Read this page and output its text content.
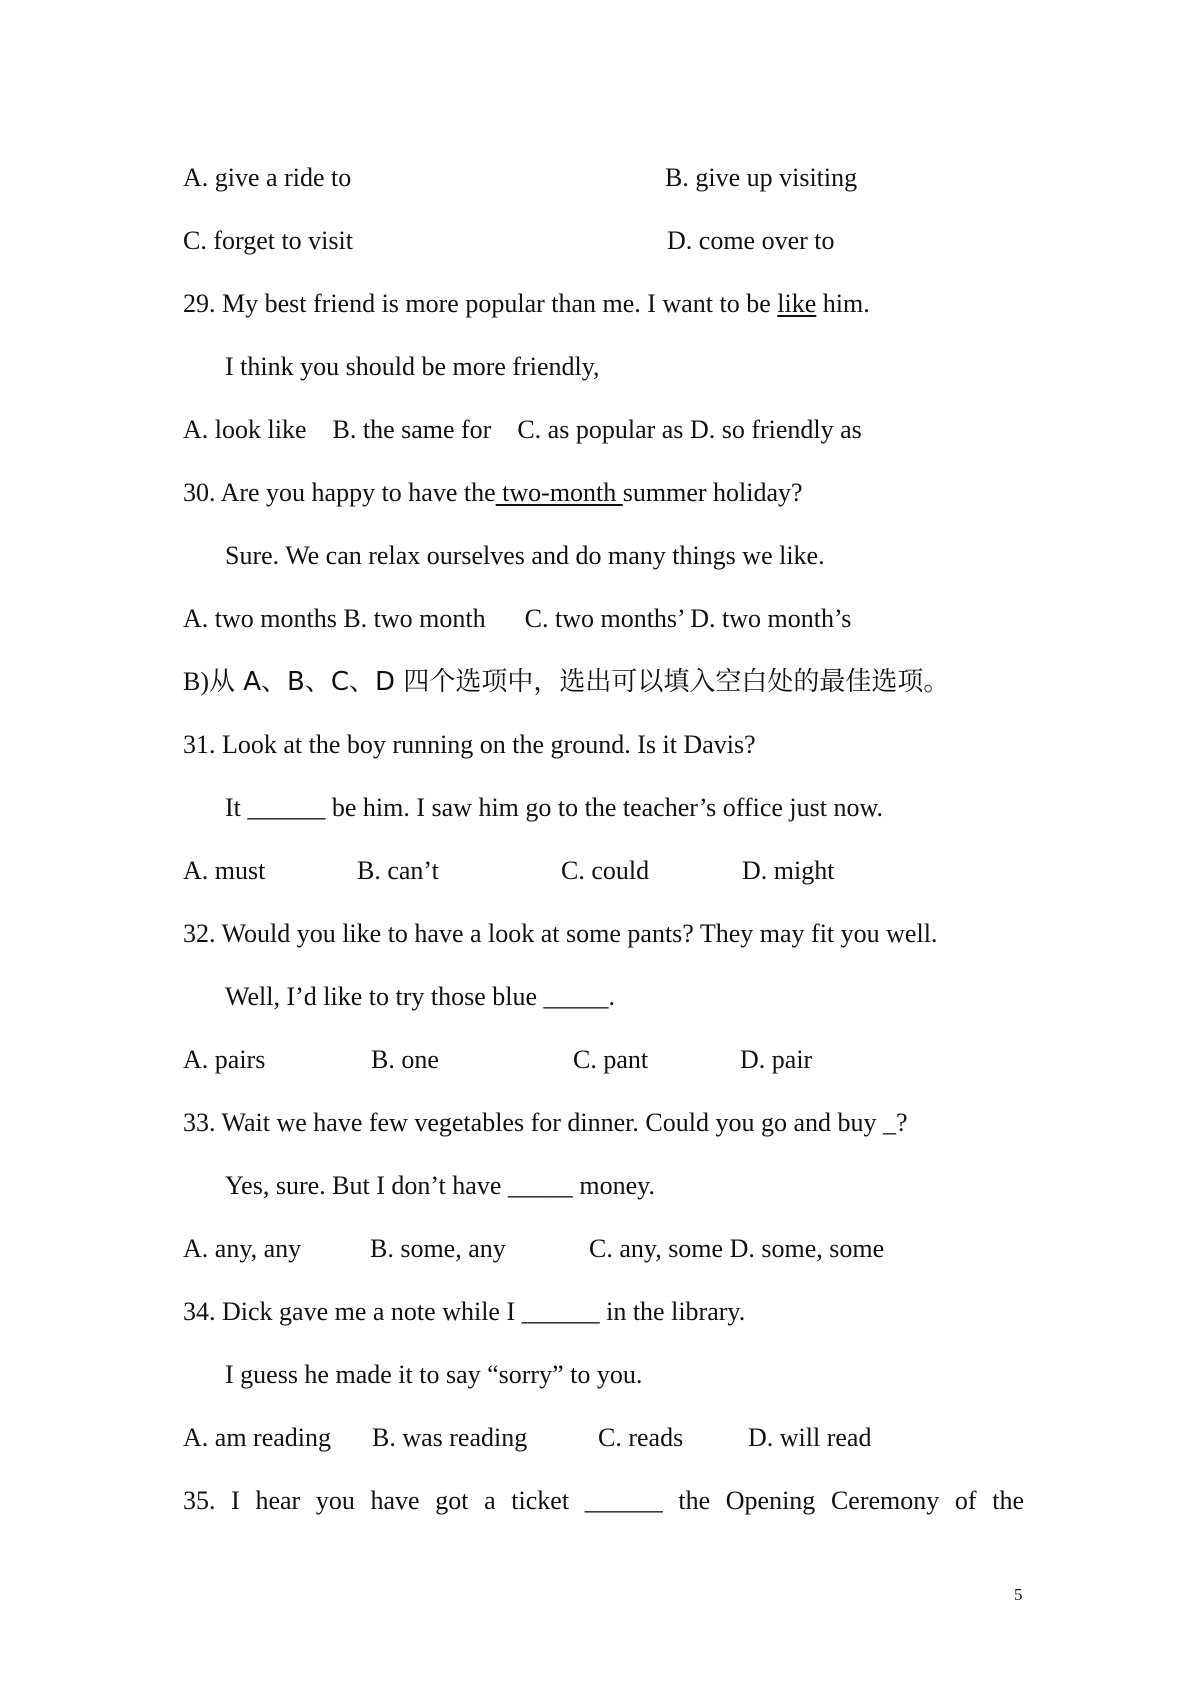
A. give a ride to	B. give up visiting
C. forget to visit	D. come over to
29. My best friend is more popular than me. I want to be like him.
I think you should be more friendly,
A. look like B. the same for C. as popular as D. so friendly as
30. Are you happy to have the two-month summer holiday?
Sure. We can relax ourselves and do many things we like.
A. two months B. two month C. two months’ D. two month’s
B)从 A、B、C、D 四个选项中，选出可以填入空白处的最佳选项。
31. Look at the boy running on the ground. Is it Davis?
It ______ be him. I saw him go to the teacher’s office just now.
A. must	B. can’t	C. could	D. might
32. Would you like to have a look at some pants? They may fit you well.
Well, I’d like to try those blue _____.
A. pairs	B. one	C. pant	D. pair
33. Wait we have few vegetables for dinner. Could you go and buy _?
Yes, sure. But I don’t have _____ money.
A. any, any	B. some, any	C. any, some D. some, some
34. Dick gave me a note while I ______ in the library.
I guess he made it to say “sorry” to you.
A. am reading B. was reading	C. reads D. will read
35. I hear you have got a ticket ______ the Opening Ceremony of the
5
